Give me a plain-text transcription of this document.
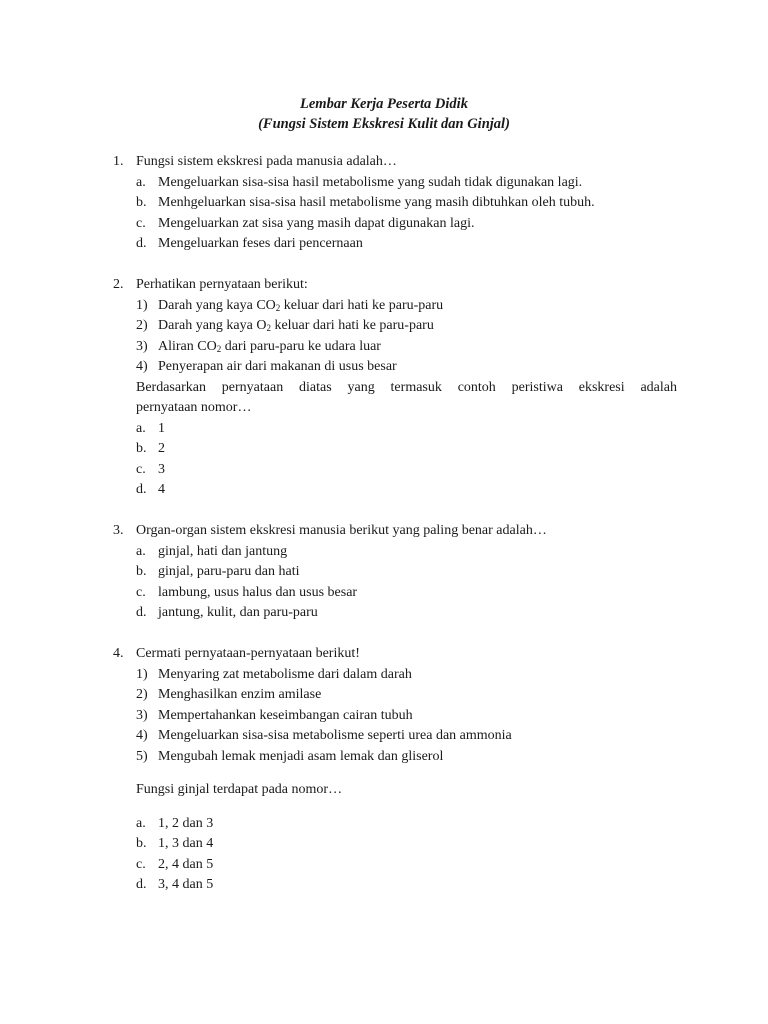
Lembar Kerja Peserta Didik
(Fungsi Sistem Ekskresi Kulit dan Ginjal)
1. Fungsi sistem ekskresi pada manusia adalah…
a. Mengeluarkan sisa-sisa hasil metabolisme yang sudah tidak digunakan lagi.
b. Menhgeluarkan sisa-sisa hasil metabolisme yang masih dibtuhkan oleh tubuh.
c. Mengeluarkan zat sisa yang masih dapat digunakan lagi.
d. Mengeluarkan feses dari pencernaan
2. Perhatikan pernyataan berikut:
1) Darah yang kaya $CO_2$ keluar dari hati ke paru-paru
2) Darah yang kaya $O_2$ keluar dari hati ke paru-paru
3) Aliran $CO_2$ dari paru-paru ke udara luar
4) Penyerapan air dari makanan di usus besar
Berdasarkan pernyataan diatas yang termasuk contoh peristiwa ekskresi adalah
pernyataan nomor…
a. 1
b. 2
c. 3
d. 4
3. Organ-organ sistem ekskresi manusia berikut yang paling benar adalah…
a. ginjal, hati dan jantung
b. ginjal, paru-paru dan hati
c. lambung, usus halus dan usus besar
d. jantung, kulit, dan paru-paru
4. Cermati pernyataan-pernyataan berikut!
1) Menyaring zat metabolisme dari dalam darah
2) Menghasilkan enzim amilase
3) Mempertahankan keseimbangan cairan tubuh
4) Mengeluarkan sisa-sisa metabolisme seperti urea dan ammonia
5) Mengubah lemak menjadi asam lemak dan gliserol
Fungsi ginjal terdapat pada nomor…
a. 1, 2 dan 3
b. 1, 3 dan 4
c. 2, 4 dan 5
d. 3, 4 dan 5
